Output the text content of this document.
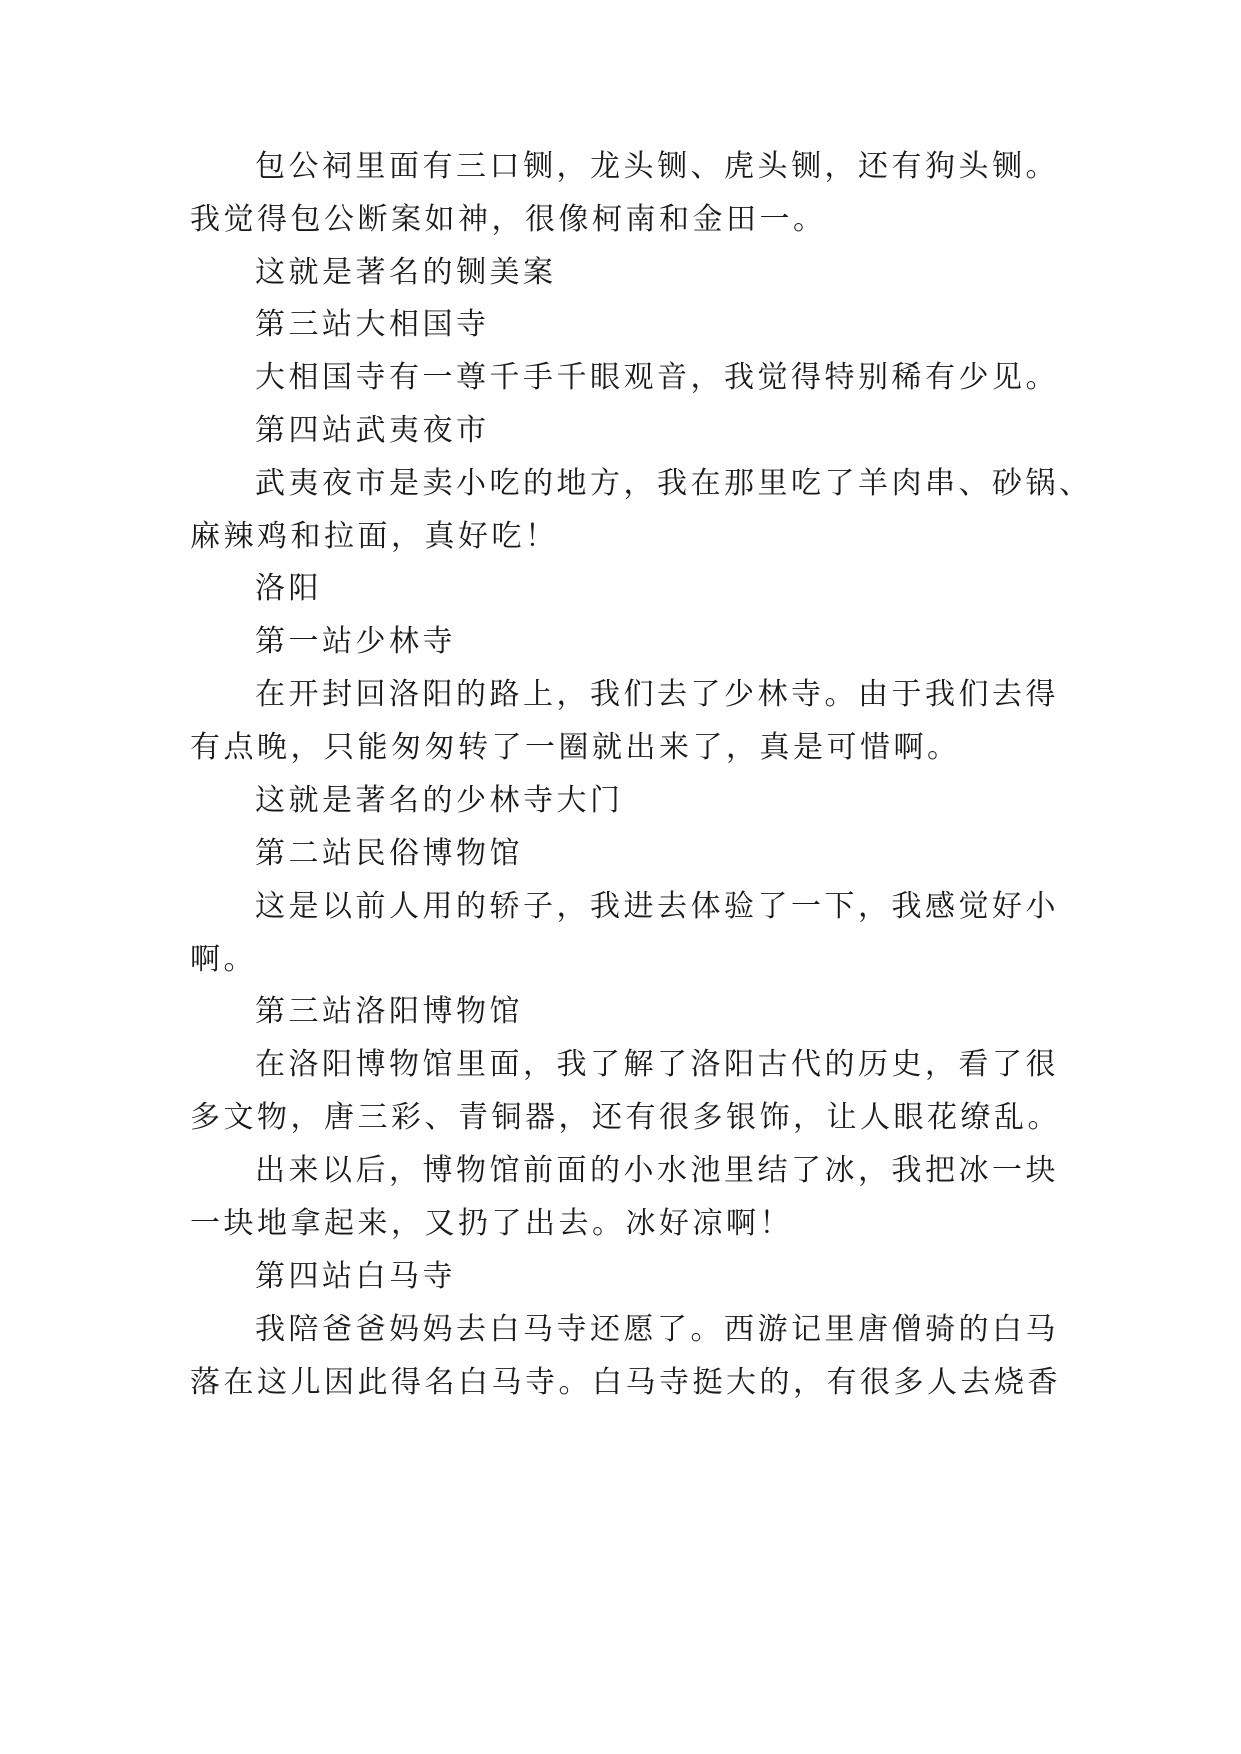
包公祠里面有三口铡，龙头铡、虎头铡，还有狗头铡。
我觉得包公断案如神，很像柯南和金田一。
这就是著名的铡美案
第三站大相国寺
大相国寺有一尊千手千眼观音，我觉得特别稀有少见。
第四站武夷夜市
武夷夜市是卖小吃的地方，我在那里吃了羊肉串、砂锅、
麻辣鸡和拉面，真好吃！
洛阳
第一站少林寺
在开封回洛阳的路上，我们去了少林寺。由于我们去得
有点晚，只能匆匆转了一圈就出来了，真是可惜啊。
这就是著名的少林寺大门
第二站民俗博物馆
这是以前人用的轿子，我进去体验了一下，我感觉好小
啊。
第三站洛阳博物馆
在洛阳博物馆里面，我了解了洛阳古代的历史，看了很
多文物，唐三彩、青铜器，还有很多银饰，让人眼花缭乱。
出来以后，博物馆前面的小水池里结了冰，我把冰一块
一块地拿起来，又扔了出去。冰好凉啊！
第四站白马寺
我陪爸爸妈妈去白马寺还愿了。西游记里唐僧骑的白马
落在这儿因此得名白马寺。白马寺挺大的，有很多人去烧香
